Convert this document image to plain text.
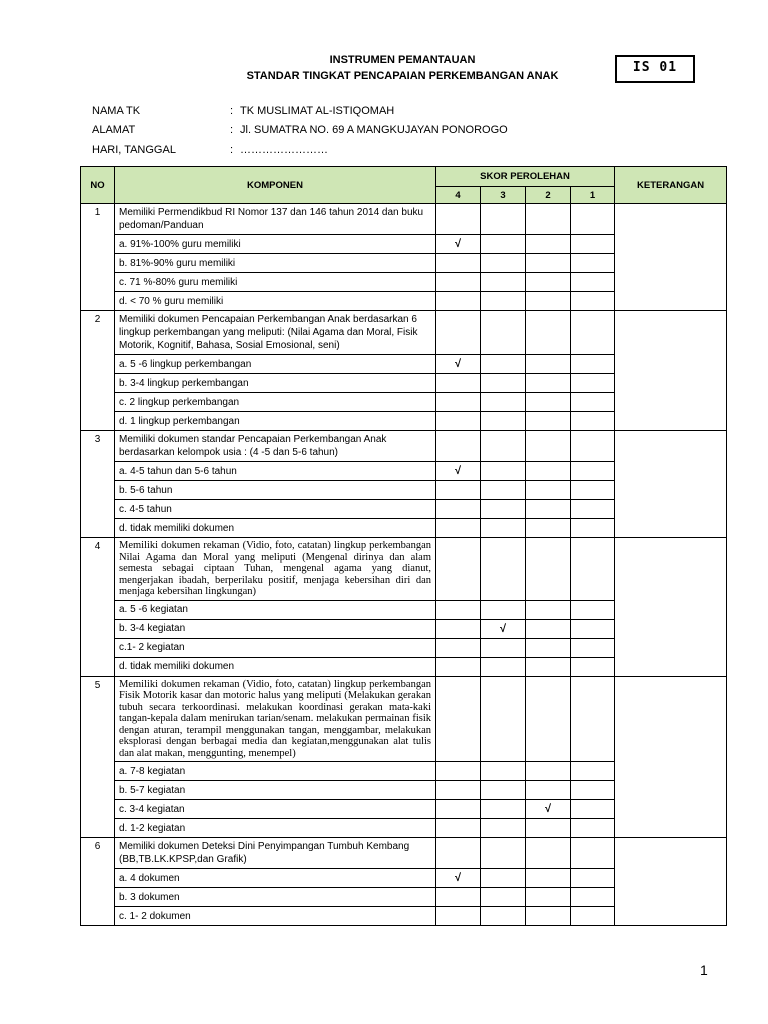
INSTRUMEN PEMANTAUAN
STANDAR TINGKAT PENCAPAIAN PERKEMBANGAN ANAK
IS 01
NAMA TK	: TK MUSLIMAT AL-ISTIQOMAH
ALAMAT	: Jl. SUMATRA NO. 69 A MANGKUJAYAN PONOROGO
HARI, TANGGAL	: ……………………
NO	KOMPONEN	SKOR PEROLEHAN				KETERANGAN
		4	3	2	1	
1	Memiliki Permendikbud RI Nomor 137 dan 146 tahun 2014 dan buku pedoman/Panduan					
	a. 91%-100% guru memiliki	√				
	b. 81%-90% guru memiliki					
	c. 71 %-80% guru memiliki					
	d. < 70 % guru memiliki					
2	Memiliki dokumen Pencapaian Perkembangan Anak berdasarkan 6 lingkup perkembangan yang meliputi: (Nilai Agama dan Moral, Fisik Motorik, Kognitif, Bahasa, Sosial Emosional, seni)					
	a. 5 -6 lingkup perkembangan	√				
	b. 3-4 lingkup perkembangan					
	c. 2 lingkup perkembangan					
	d. 1 lingkup perkembangan					
3	Memiliki dokumen standar Pencapaian Perkembangan Anak berdasarkan kelompok usia : (4 -5 dan 5-6 tahun)					
	a. 4-5 tahun dan 5-6 tahun	√				
	b. 5-6 tahun					
	c. 4-5 tahun					
	d. tidak memiliki dokumen					
4	Memiliki dokumen rekaman (Vidio, foto, catatan) lingkup perkembangan Nilai Agama dan Moral yang meliputi (Mengenal dirinya dan alam semesta sebagai ciptaan Tuhan, mengenal agama yang dianut, mengerjakan ibadah, berperilaku positif, menjaga kebersihan diri dan menjaga kebersihan lingkungan)					
	a. 5 -6 kegiatan					
	b. 3-4 kegiatan		√			
	c.1- 2 kegiatan					
	d. tidak memiliki dokumen					
5	Memiliki dokumen rekaman (Vidio, foto, catatan) lingkup perkembangan Fisik Motorik kasar dan motoric halus yang meliputi (Melakukan gerakan tubuh secara terkoordinasi. melakukan koordinasi gerakan mata-kaki tangan-kepala dalam menirukan tarian/senam. melakukan permainan fisik dengan aturan, terampil menggunakan tangan, menggambar, melakukan eksplorasi dengan berbagai media dan kegiatan,menggunakan alat tulis dan alat makan, menggunting, menempel)					
	a. 7-8 kegiatan					
	b. 5-7 kegiatan					
	c. 3-4 kegiatan			√		
	d. 1-2 kegiatan					
6	Memiliki dokumen Deteksi Dini Penyimpangan Tumbuh Kembang (BB,TB.LK.KPSP,dan Grafik)					
	a. 4 dokumen	√				
	b. 3 dokumen					
	c. 1- 2 dokumen					
1
